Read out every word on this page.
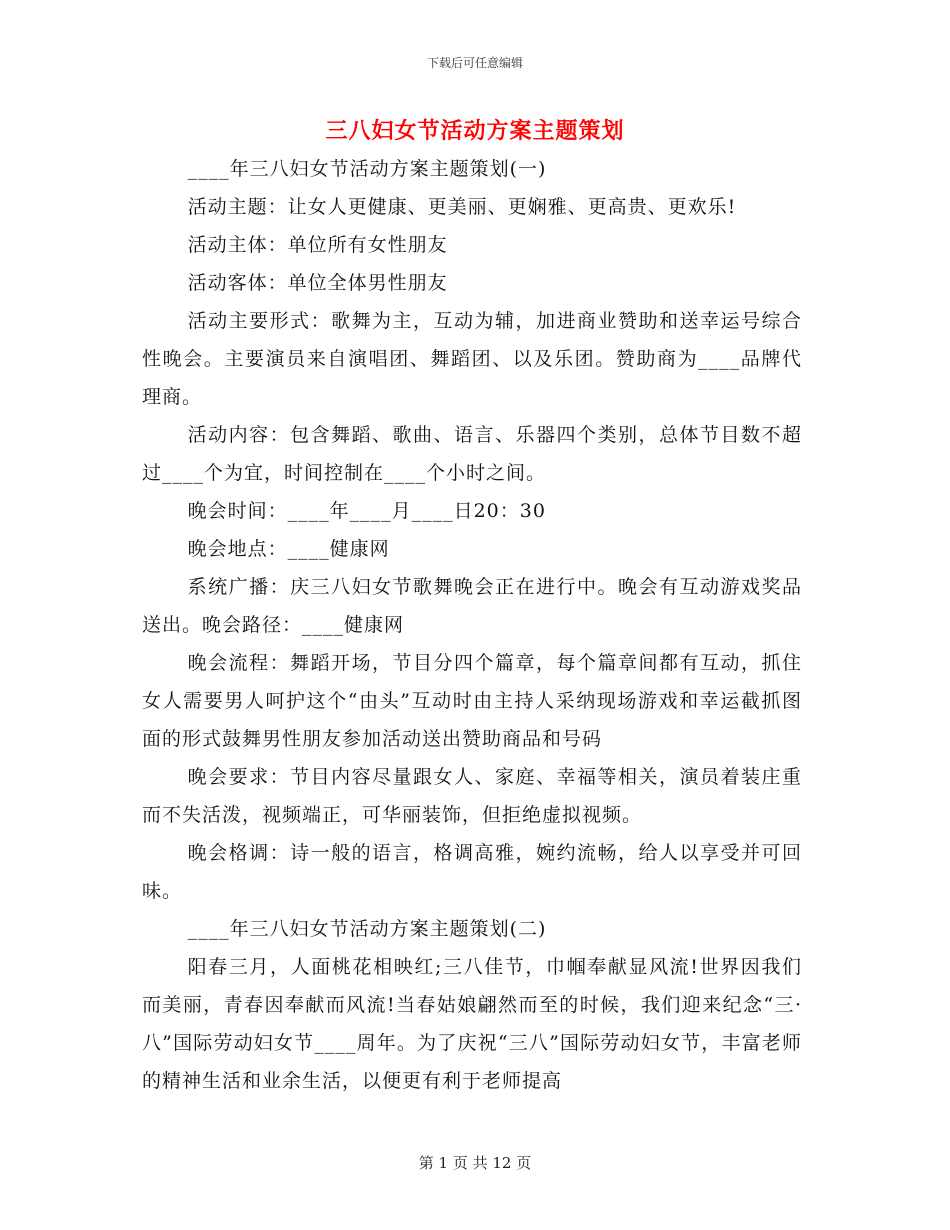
下载后可任意编辑
三八妇女节活动方案主题策划

____年三八妇女节活动方案主题策划(一)

活动主题：让女人更健康、更美丽、更娴雅、更高贵、更欢乐!

活动主体：单位所有女性朋友

活动客体：单位全体男性朋友

活动主要形式：歌舞为主，互动为辅，加进商业赞助和送幸运号综合性晚会。主要演员来自演唱团、舞蹈团、以及乐团。赞助商为____品牌代理商。

活动内容：包含舞蹈、歌曲、语言、乐器四个类别，总体节目数不超过____个为宜，时间控制在____个小时之间。

晚会时间：____年____月____日20：30

晚会地点：____健康网

系统广播：庆三八妇女节歌舞晚会正在进行中。晚会有互动游戏奖品送出。晚会路径：____健康网

晚会流程：舞蹈开场，节目分四个篇章，每个篇章间都有互动，抓住女人需要男人呵护这个“由头”互动时由主持人采纳现场游戏和幸运截抓图面的形式鼓舞男性朋友参加活动送出赞助商品和号码

晚会要求：节目内容尽量跟女人、家庭、幸福等相关，演员着装庄重而不失活泼，视频端正，可华丽装饰，但拒绝虚拟视频。

晚会格调：诗一般的语言，格调高雅，婉约流畅，给人以享受并可回味。

____年三八妇女节活动方案主题策划(二)

阳春三月，人面桃花相映红;三八佳节，巾帼奉献显风流!世界因我们而美丽，青春因奉献而风流!当春姑娘翩然而至的时候，我们迎来纪念“三·八”国际劳动妇女节____周年。为了庆祝“三八”国际劳动妇女节，丰富老师的精神生活和业余生活，以便更有利于老师提高

第 1 页 共 12 页
